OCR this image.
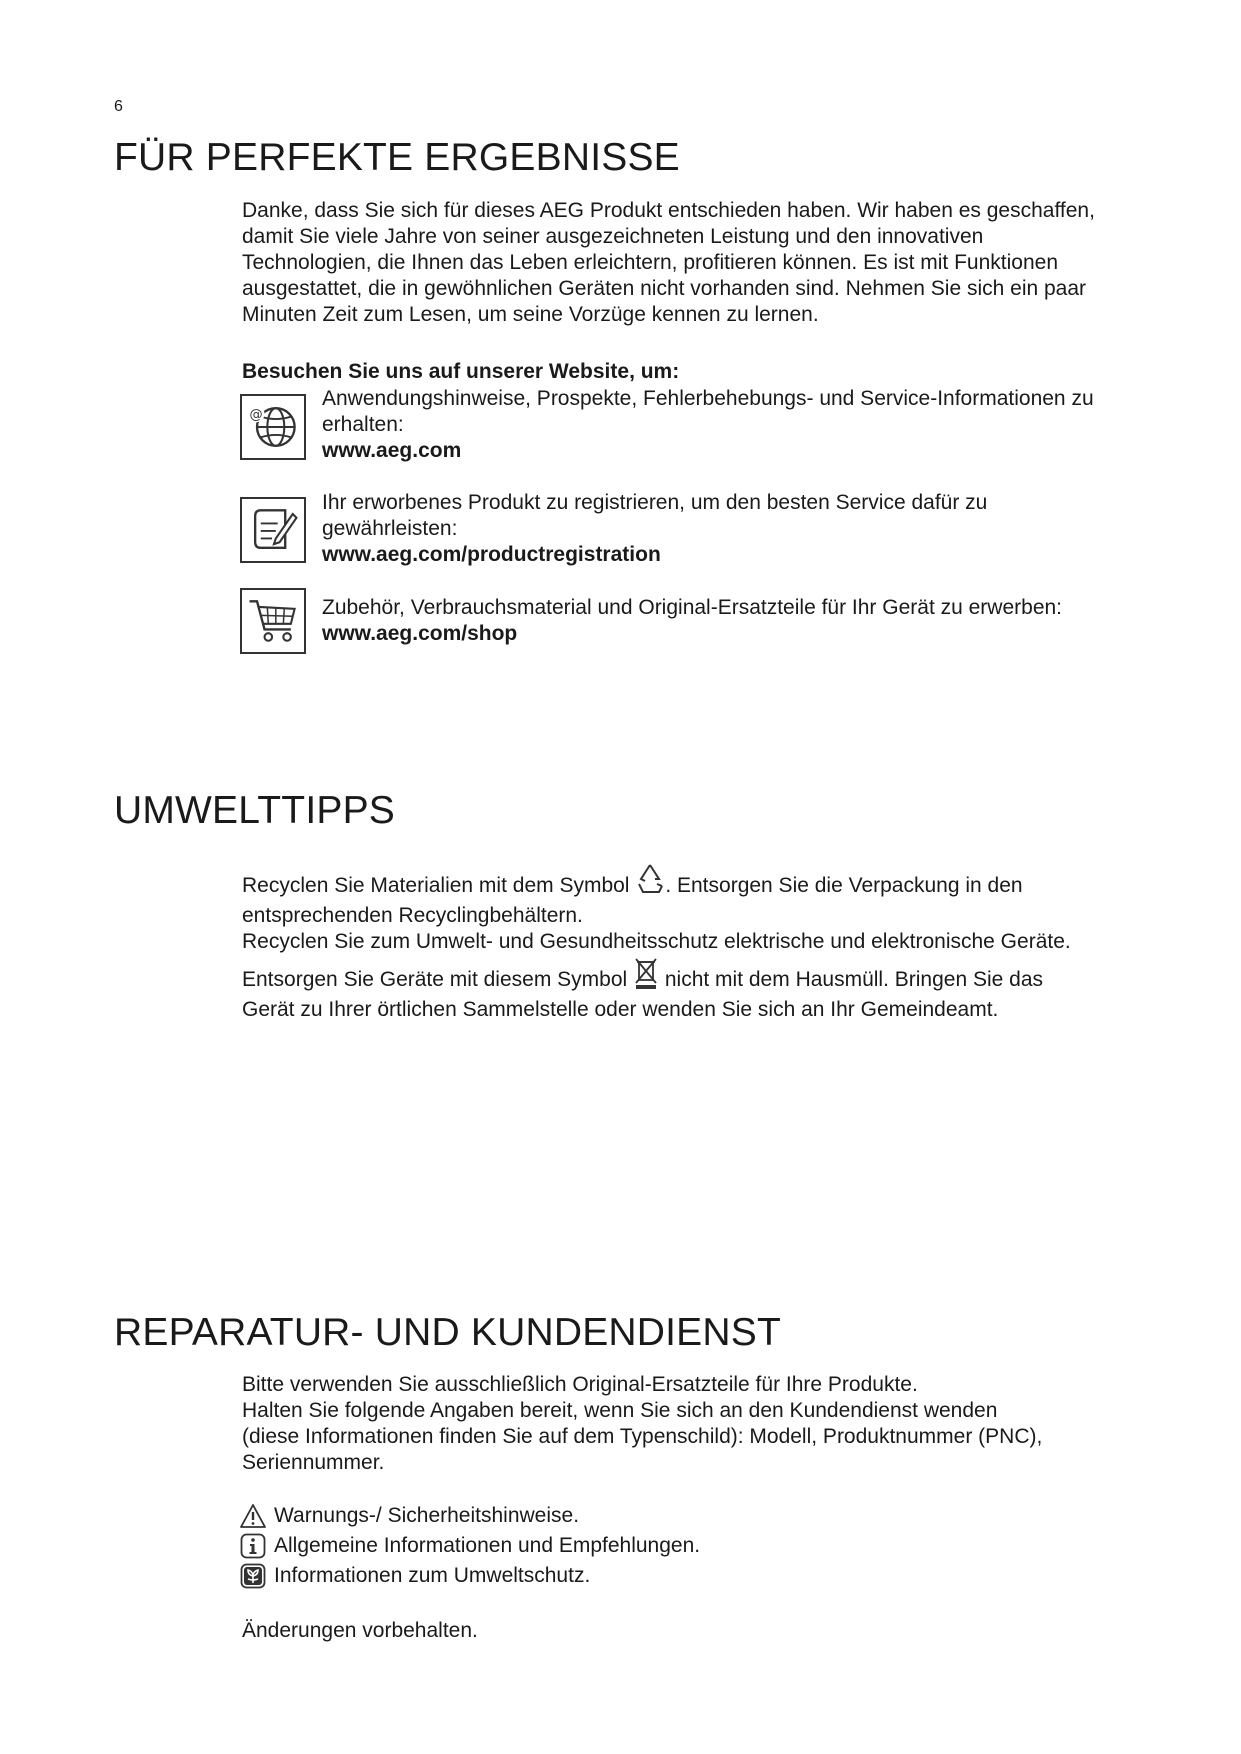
6
FÜR PERFEKTE ERGEBNISSE

Danke, dass Sie sich für dieses AEG Produkt entschieden haben. Wir haben es geschaffen,

damit Sie viele Jahre von seiner ausgezeichneten Leistung und den innovativen

Technologien, die Ihnen das Leben erleichtern, profitieren können. Es ist mit Funktionen

ausgestattet, die in gewöhnlichen Geräten nicht vorhanden sind. Nehmen Sie sich ein paar

Minuten Zeit zum Lesen, um seine Vorzüge kennen zu lernen.

Besuchen Sie uns auf unserer Website, um:
@

Anwendungshinweise, Prospekte, Fehlerbehebungs- und Service-Informationen zu

erhalten:

www.aeg.com

Ihr erworbenes Produkt zu registrieren, um den besten Service dafür zu

gewährleisten:

www.aeg.com/productregistration

Zubehör, Verbrauchsmaterial und Original-Ersatzteile für Ihr Gerät zu erwerben:

www.aeg.com/shop

UMWELTTIPPS

Recyclen Sie Materialien mit dem Symbol . Entsorgen Sie die Verpackung in den

entsprechenden Recyclingbehältern.

Recyclen Sie zum Umwelt- und Gesundheitsschutz elektrische und elektronische Geräte.

Entsorgen Sie Geräte mit diesem Symbol nicht mit dem Hausmüll. Bringen Sie das

Gerät zu Ihrer örtlichen Sammelstelle oder wenden Sie sich an Ihr Gemeindeamt.

REPARATUR- UND KUNDENDIENST

Bitte verwenden Sie ausschließlich Original-Ersatzteile für Ihre Produkte.

Halten Sie folgende Angaben bereit, wenn Sie sich an den Kundendienst wenden

(diese Informationen finden Sie auf dem Typenschild): Modell, Produktnummer (PNC),

Seriennummer.

Warnungs-/ Sicherheitshinweise.
Allgemeine Informationen und Empfehlungen.
Informationen zum Umweltschutz.
Änderungen vorbehalten.
